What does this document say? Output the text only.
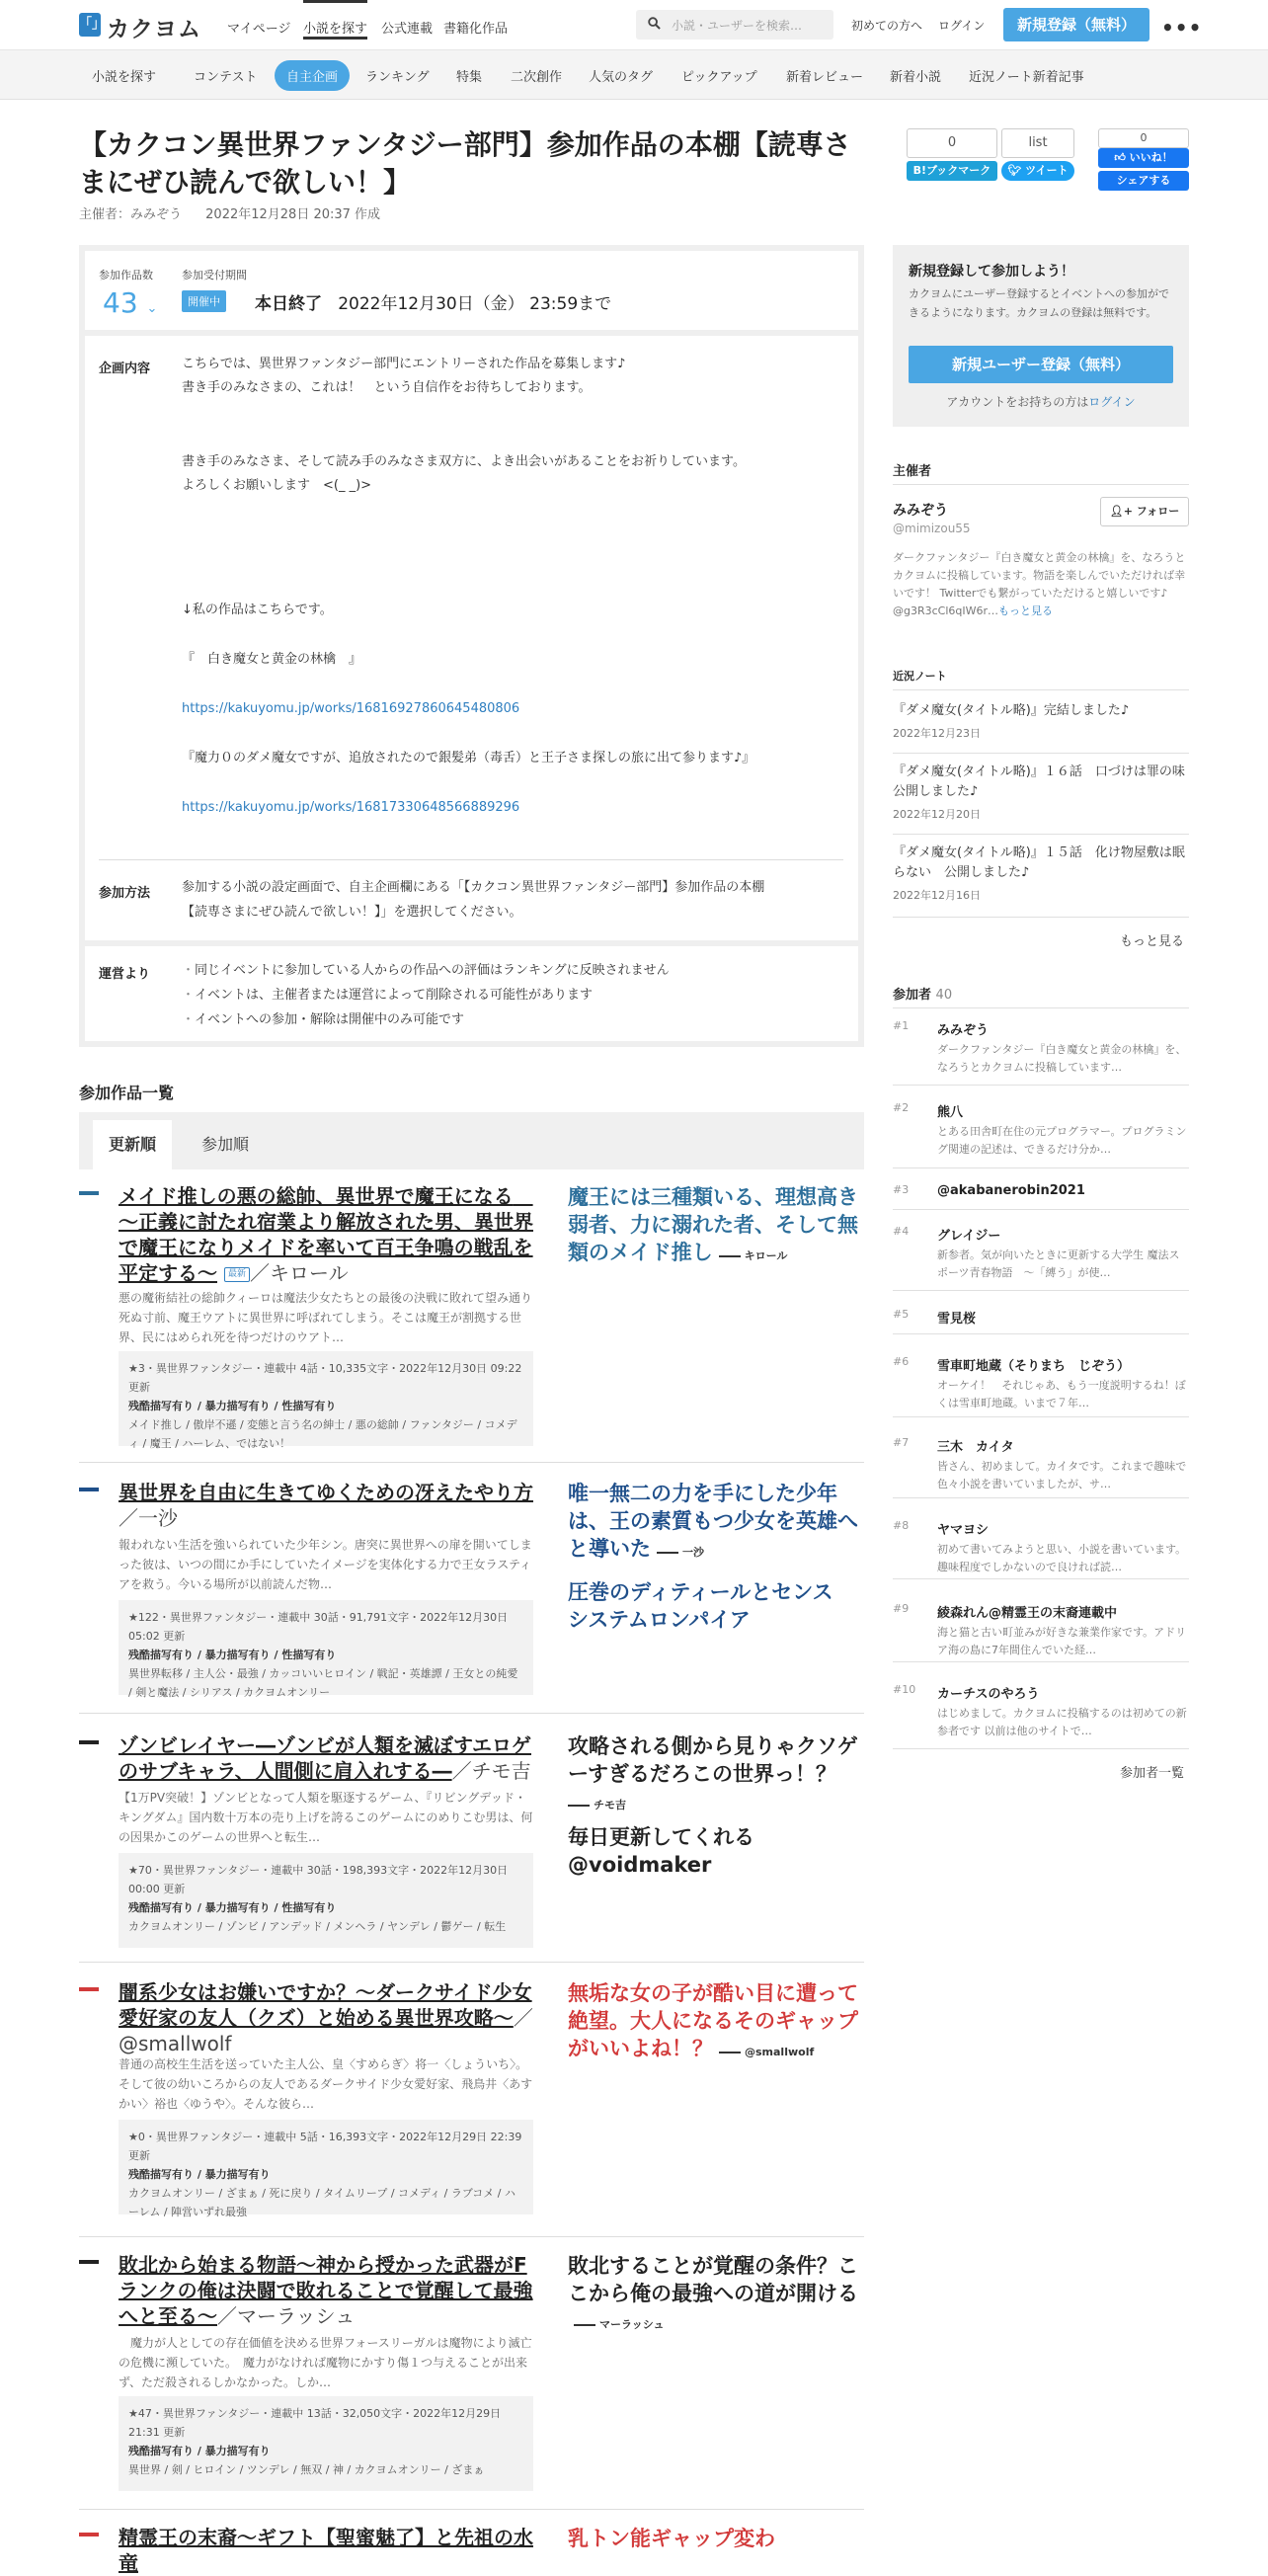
「」 カクヨム マイページ 小説を探す 公式連載 書籍化作品	小説・ユーザーを検索…	初めての方へ ログイン	新規登録（無料）	•••
小説を探す	コンテスト	自主企画	ランキング 特集 二次創作 人気のタグ ピックアップ 新着レビュー 新着小説 近況ノート新着記事
【カクコン異世界ファンタジー部門】参加作品の本棚【読専さまにぜひ読んで欲しい！】
主催者：みみぞう 2022年12月28日 20:37 作成
0
B!ブックマーク
list
🐦︎ ツイート
0
👍︎ いいね！
シェアする
参加作品数
43 ⌄
参加受付期間
開催中	本日終了 2022年12月30日（金） 23:59まで
企画内容 こちらでは、異世界ファンタジー部門にエントリーされた作品を募集します♪
書き手のみなさまの、これは！　という自信作をお待ちしております。
書き手のみなさま、そして読み手のみなさま双方に、よき出会いがあることをお祈りしています。
よろしくお願いします　<(_ _)>
↓私の作品はこちらです。
『　白き魔女と黄金の林檎　』
https://kakuyomu.jp/works/16816927860645480806
『魔力０のダメ魔女ですが、追放されたので銀髪弟（毒舌）と王子さま探しの旅に出て参ります♪』
https://kakuyomu.jp/works/16817330648566889296
参加方法 参加する小説の設定画面で、自主企画欄にある「【カクコン異世界ファンタジー部門】参加作品の本棚
【読専さまにぜひ読んで欲しい！】」を選択してください。
運営より
・	同じイベントに参加している人からの作品への評価はランキングに反映されません
・ イベントは、主催者または運営によって削除される可能性があります
・ イベントへの参加・解除は開催中のみ可能です
参加作品一覧
更新順	参加順
メイド推しの悪の総帥、異世界で魔王になる　～正義に討たれ宿業より解放された男、異世界で魔王になりメイドを率いて百王争鳴の戦乱を平定する～ 最新 ／キロール
悪の魔術結社の総帥クィーロは魔法少女たちとの最後の決戦に敗れて望み通り死ぬ寸前、魔王ウアトに異世界に呼ばれてしまう。そこは魔王が割拠する世界、民にはめられ死を待つだけのウアト…
★3・異世界ファンタジー・連載中 4話・10,335文字・2022年12月30日 09:22 更新
残酷描写有り / 暴力描写有り / 性描写有り
メイド推し / 傲岸不遜 / 変態と言う名の紳士 / 悪の総帥 / ファンタジー / コメディ / 魔王 / ハーレム、ではない！
魔王には三種類いる、理想高き弱者、力に溺れた者、そして無類のメイド推し	キロール
異世界を自由に生きてゆくための冴えたやり方／一沙
報われない生活を強いられていた少年シン。唐突に異世界への扉を開いてしまった彼は、いつの間にか手にしていたイメージを実体化する力で王女ラスティアを救う。今いる場所が以前読んだ物…
★122・異世界ファンタジー・連載中 30話・91,791文字・2022年12月30日 05:02 更新
残酷描写有り / 暴力描写有り / 性描写有り
異世界転移 / 主人公・最強 / カッコいいヒロイン / 戦記・英雄譚 / 王女との純愛 / 剣と魔法 / シリアス / カクヨムオンリー
唯一無二の力を手にした少年は、王の素質もつ少女を英雄へと導いた	一沙
圧巻のディティールとセンス
システムロンパイア
ゾンビレイヤー―ゾンビが人類を滅ぼすエロゲのサブキャラ、人間側に肩入れする―／チモ吉
【1万PV突破！】ゾンビとなって人類を駆逐するゲーム、『リビングデッド・キングダム』国内数十万本の売り上げを誇るこのゲームにのめりこむ男は、何の因果かこのゲームの世界へと転生…
★70・異世界ファンタジー・連載中 30話・198,393文字・2022年12月30日 00:00 更新
残酷描写有り / 暴力描写有り / 性描写有り
カクヨムオンリー / ゾンビ / アンデッド / メンヘラ / ヤンデレ / 鬱ゲー / 転生
攻略される側から見りゃクソゲーすぎるだろこの世界っ！？
チモ吉
毎日更新してくれる@voidmaker
闇系少女はお嫌いですか？～ダークサイド少女愛好家の友人（クズ）と始める異世界攻略～／@smallwolf
普通の高校生生活を送っていた主人公、皇〈すめらぎ〉将一〈しょういち〉。そして彼の幼いころからの友人であるダークサイド少女愛好家、飛鳥井〈あすかい〉裕也〈ゆうや〉。そんな彼ら…
★0・異世界ファンタジー・連載中 5話・16,393文字・2022年12月29日 22:39 更新
残酷描写有り / 暴力描写有り
カクヨムオンリー / ざまぁ / 死に戻り / タイムリープ / コメディ / ラブコメ / ハーレム / 陣営いずれ最強
無垢な女の子が酷い目に遭って絶望。大人になるそのギャップがいいよね！？	@smallwolf
敗北から始まる物語～神から授かった武器がFランクの俺は決闘で敗れることで覚醒して最強へと至る～／マーラッシュ
　魔力が人としての存在価値を決める世界フォースリーガルは魔物により滅亡の危機に瀕していた。　魔力がなければ魔物にかすり傷１つ与えることが出来ず、ただ殺されるしかなかった。しか…
★47・異世界ファンタジー・連載中 13話・32,050文字・2022年12月29日 21:31 更新
残酷描写有り / 暴力描写有り
異世界 / 剣 / ヒロイン / ツンデレ / 無双 / 神 / カクヨムオンリー / ざまぁ
敗北することが覚醒の条件？ここから俺の最強への道が開けるマーラッシュ
精霊王の末裔～ギフト【聖蜜魅了】と先祖の水竜
乳トン能ギャップ変わ
新規登録して参加しよう！
カクヨムにユーザー登録するとイベントへの参加ができるようになります。カクヨムの登録は無料です。
新規ユーザー登録（無料）
アカウントをお持ちの方はログイン
主催者
みみぞう
@mimizou55
👤︎+ フォロー
ダークファンタジー『白き魔女と黄金の林檎』を、なろうとカクヨムに投稿しています。物語を楽しんでいただければ幸いです！ Twitterでも繋がっていただけると嬉しいです♪　@g3R3cCl6qIW6r…もっと見る
近況ノート
『ダメ魔女(タイトル略)』完結しました♪
2022年12月23日
『ダメ魔女(タイトル略)』１６話　口づけは罪の味　公開しました♪
2022年12月20日
『ダメ魔女(タイトル略)』１５話　化け物屋敷は眠らない　公開しました♪
2022年12月16日
もっと見る
参加者 40
#1 みみぞう
ダークファンタジー『白き魔女と黄金の林檎』を、なろうとカクヨムに投稿しています…
#2 熊八
とある田舎町在住の元プログラマー。プログラミング関連の記述は、できるだけ分か…
#3 @akabanerobin2021
#4 グレイジー
新参者。気が向いたときに更新する大学生 魔法スポーツ青春物語　～「縛う」が使…
#5 雪見桜
#6 雪車町地蔵（そりまち　じぞう）
オーケイ！　それじゃあ、もう一度説明するね！ぼくは雪車町地蔵。いまで７年…
#7 三木　カイタ
皆さん、初めまして。カイタです。これまで趣味で色々小説を書いていましたが、サ…
#8 ヤマヨシ
初めて書いてみようと思い、小説を書いています。趣味程度でしかないので良ければ読…
#9 綾森れん@精霊王の末裔連載中
海と猫と古い町並みが好きな兼業作家です。アドリア海の島に7年間住んでいた経…
#10 カーチスのやろう
はじめまして。カクヨムに投稿するのは初めての新参者です 以前は他のサイトで…
参加者一覧
